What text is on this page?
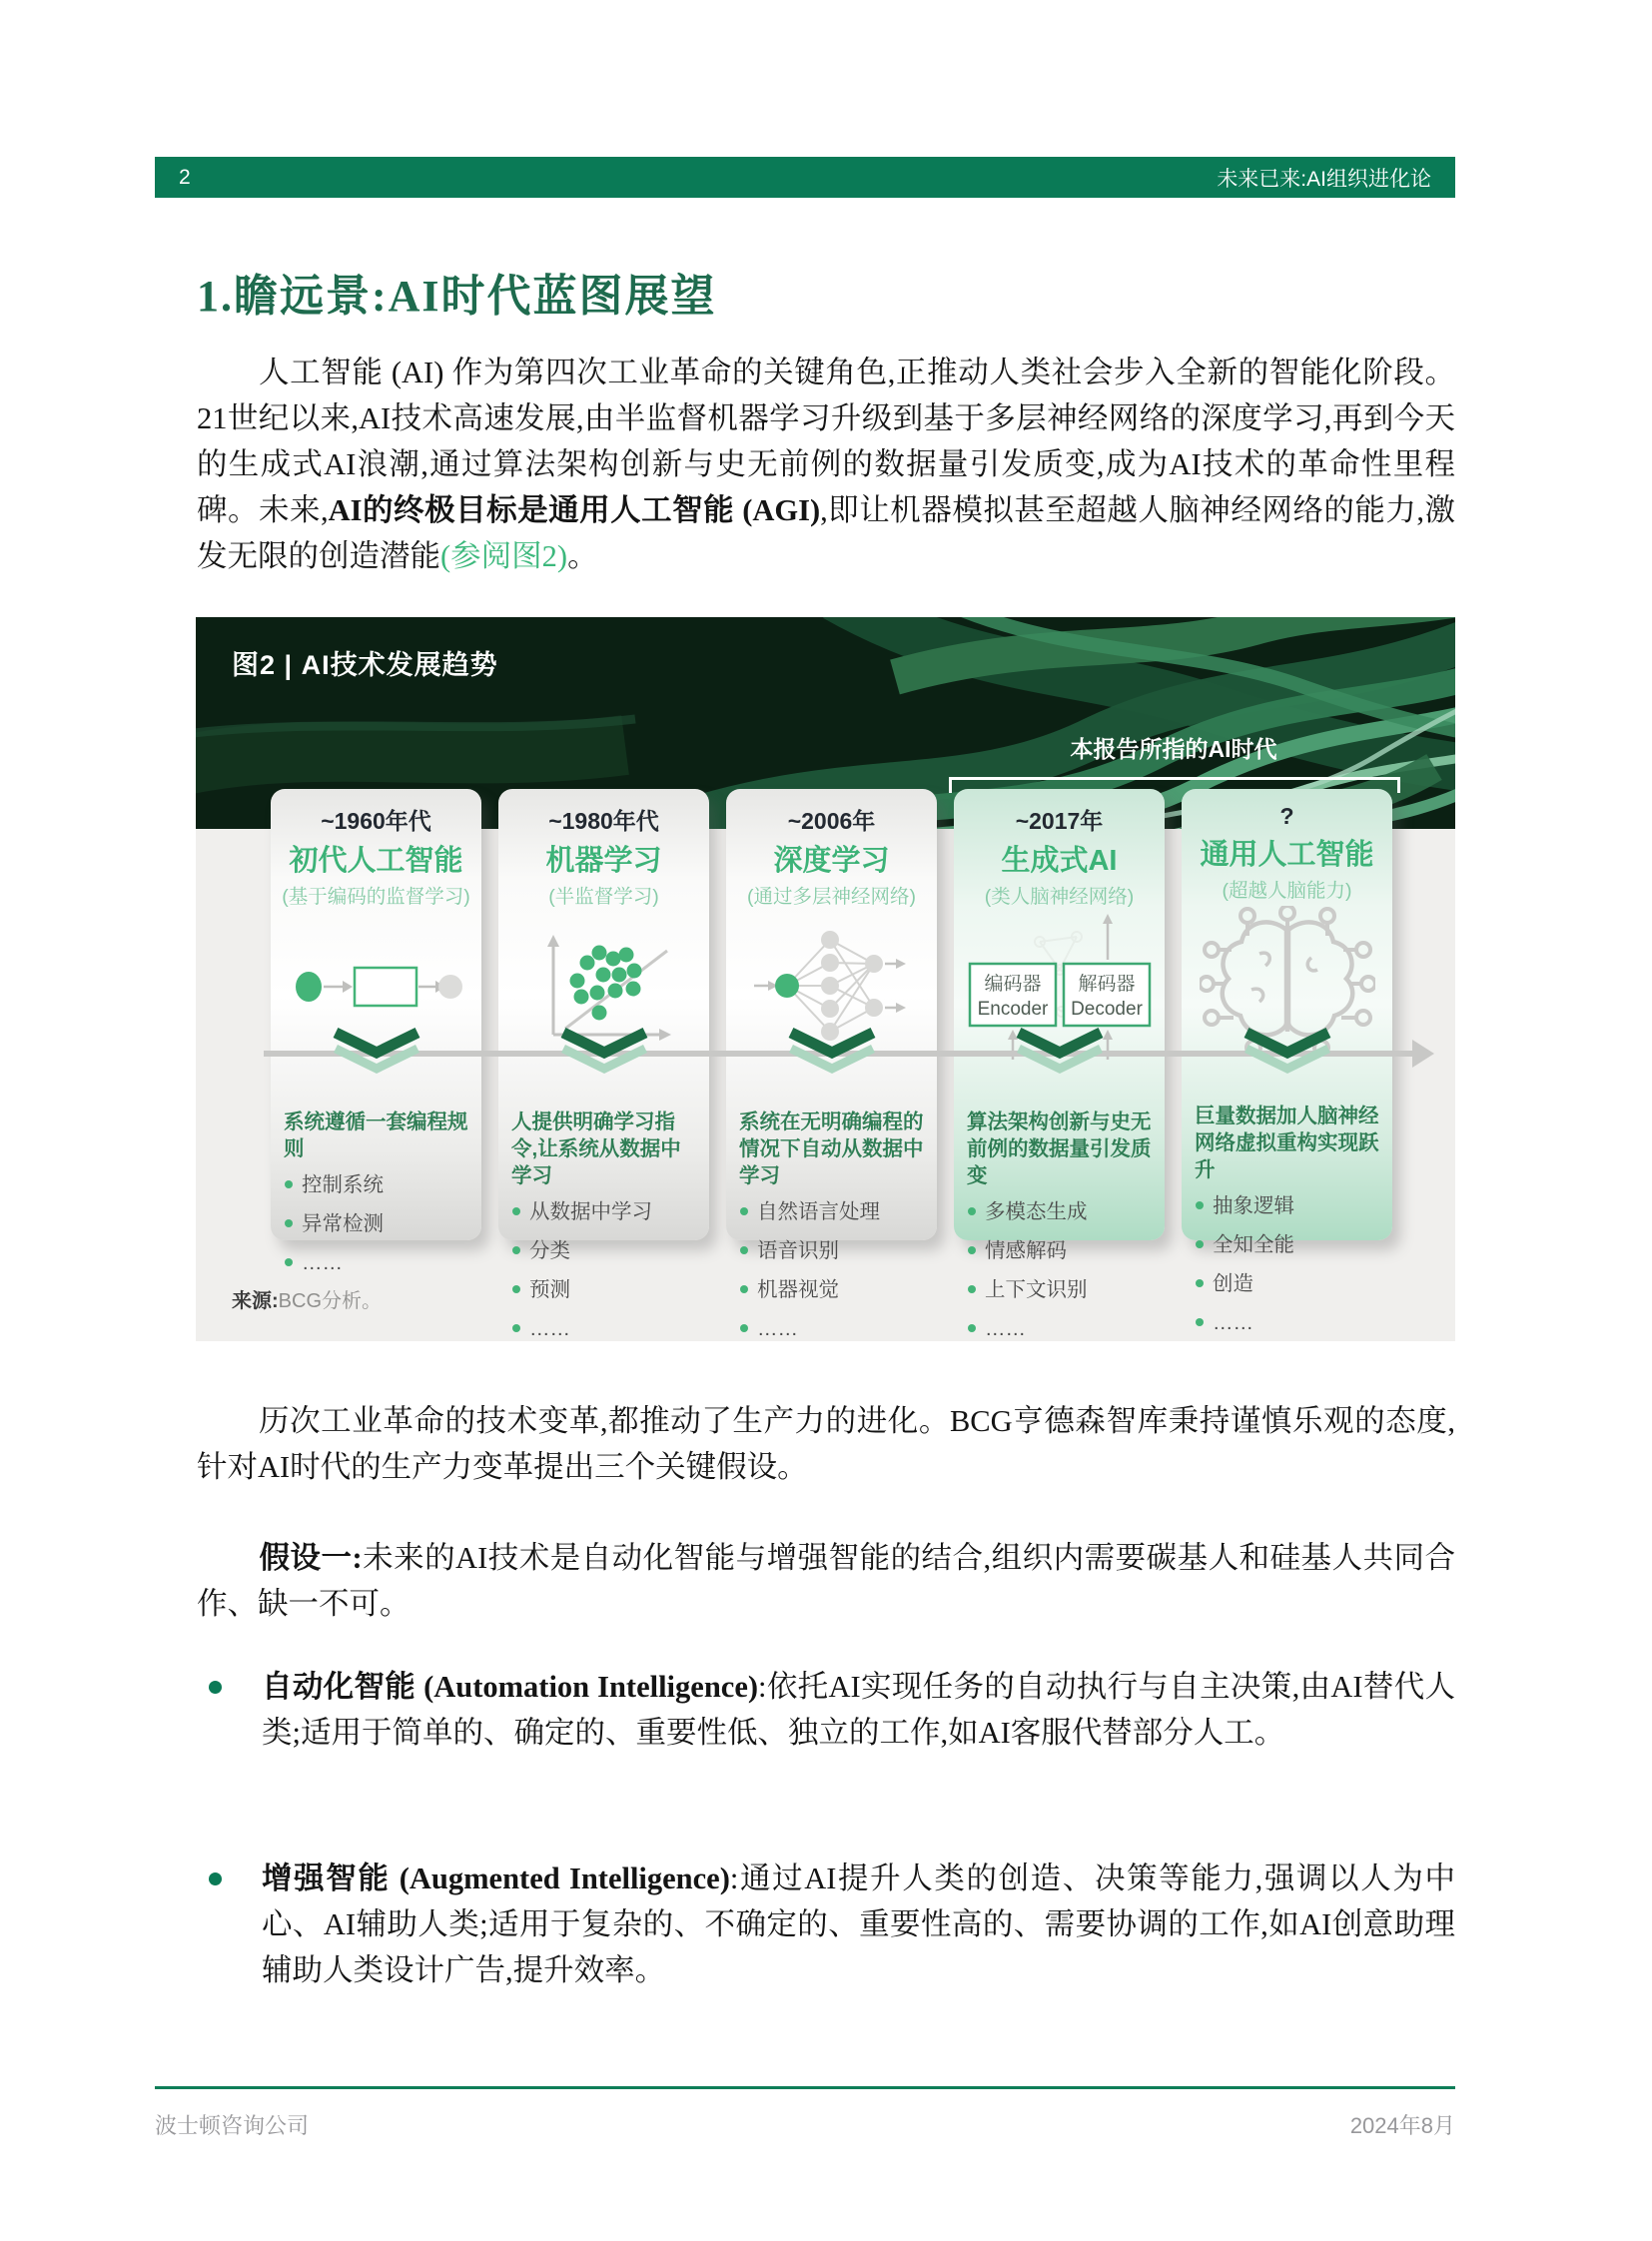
2	未来已来:AI组织进化论
1.瞻远景:AI时代蓝图展望
人工智能 (AI) 作为第四次工业革命的关键角色,正推动人类社会步入全新的智能化阶段。21世纪以来,AI技术高速发展,由半监督机器学习升级到基于多层神经网络的深度学习,再到今天的生成式AI浪潮,通过算法架构创新与史无前例的数据量引发质变,成为AI技术的革命性里程碑。未来,AI的终极目标是通用人工智能 (AGI),即让机器模拟甚至超越人脑神经网络的能力,激发无限的创造潜能(参阅图2)。
图2 | AI技术发展趋势
本报告所指的AI时代
~1960年代
初代人工智能
(基于编码的监督学习)
系统遵循一套编程规则
控制系统
异常检测
……
~1980年代
机器学习
(半监督学习)
人提供明确学习指令,让系统从数据中学习
从数据中学习
分类
预测
……
~2006年
深度学习
(通过多层神经网络)
系统在无明确编程的情况下自动从数据中学习
自然语言处理
语音识别
机器视觉
……
~2017年
生成式AI
(类人脑神经网络)
编码器
Encoder
解码器
Decoder
算法架构创新与史无前例的数据量引发质变
多模态生成
情感解码
上下文识别
……
?
通用人工智能
(超越人脑能力)
巨量数据加人脑神经网络虚拟重构实现跃升
抽象逻辑
全知全能
创造
……
来源:BCG分析。
历次工业革命的技术变革,都推动了生产力的进化。BCG亨德森智库秉持谨慎乐观的态度,针对AI时代的生产力变革提出三个关键假设。
假设一:未来的AI技术是自动化智能与增强智能的结合,组织内需要碳基人和硅基人共同合作、缺一不可。
自动化智能 (Automation Intelligence):依托AI实现任务的自动执行与自主决策,由AI替代人类;适用于简单的、确定的、重要性低、独立的工作,如AI客服代替部分人工。
增强智能 (Augmented Intelligence):通过AI提升人类的创造、决策等能力,强调以人为中心、AI辅助人类;适用于复杂的、不确定的、重要性高的、需要协调的工作,如AI创意助理辅助人类设计广告,提升效率。
波士顿咨询公司	2024年8月
